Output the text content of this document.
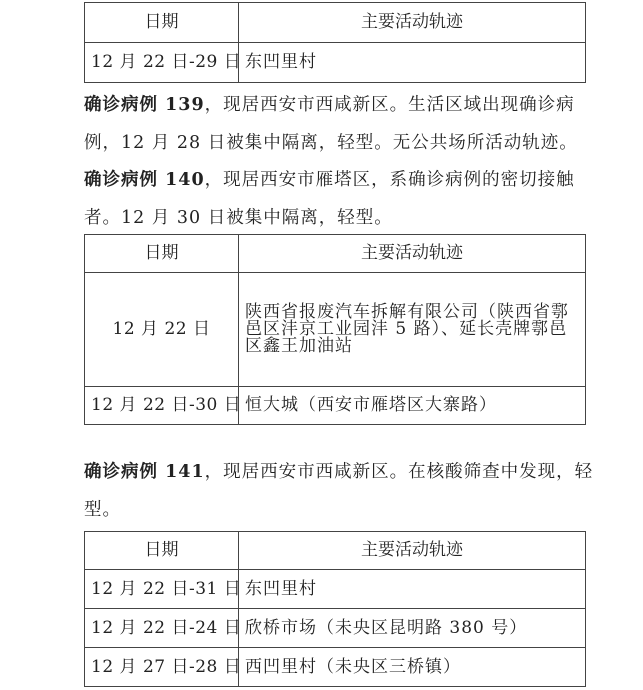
日期	主要活动轨迹
12 月 22 日-29 日	东凹里村
确诊病例 139，现居西安市西咸新区。生活区域出现确诊病例，12 月 28 日被集中隔离，轻型。无公共场所活动轨迹。
确诊病例 140，现居西安市雁塔区，系确诊病例的密切接触者。12 月 30 日被集中隔离，轻型。
日期	主要活动轨迹
12 月 22 日	陕西省报废汽车拆解有限公司（陕西省鄠邑区沣京工业园沣 5 路）、延长壳牌鄠邑区鑫王加油站
12 月 22 日-30 日	恒大城（西安市雁塔区大寨路）
确诊病例 141，现居西安市西咸新区。在核酸筛查中发现，轻型。
日期	主要活动轨迹
12 月 22 日-31 日	东凹里村
12 月 22 日-24 日	欣桥市场（未央区昆明路 380 号）
12 月 27 日-28 日	西凹里村（未央区三桥镇）
